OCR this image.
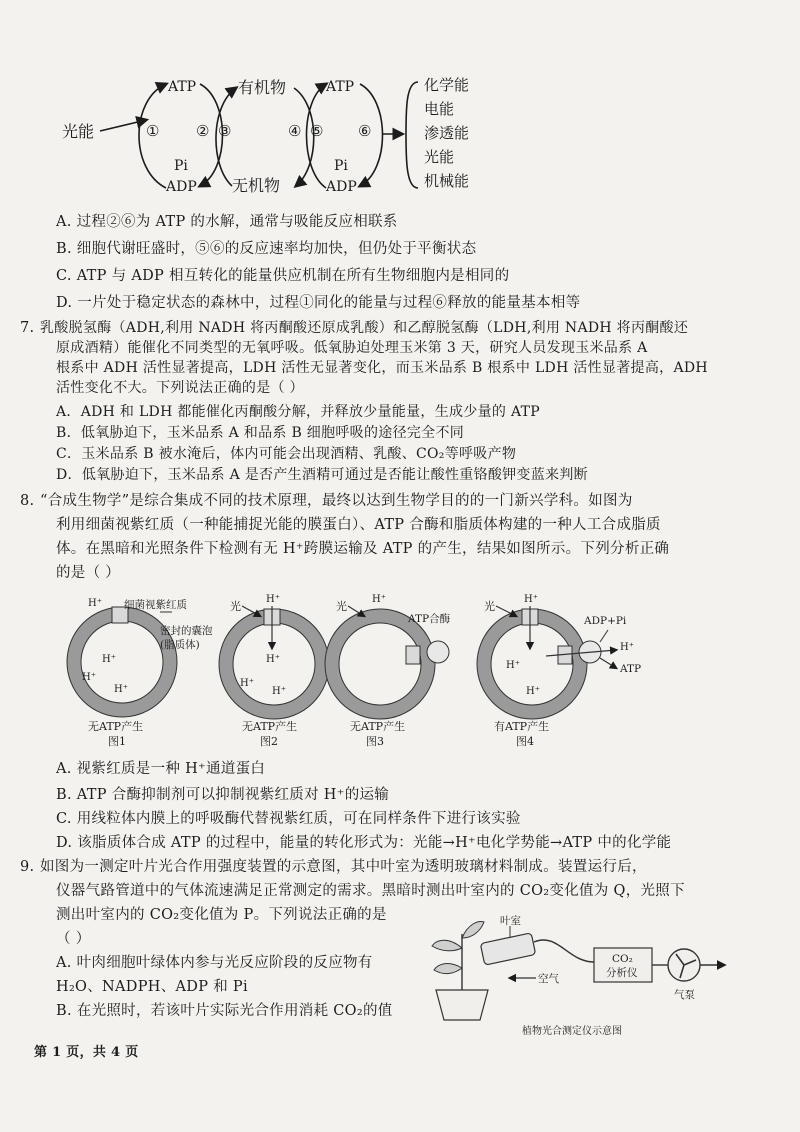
光能
ATP
Pi
ADP
有机物
无机物
ATP
Pi
ADP
① ② ③	④ ⑤ ⑥
化学能
电能
渗透能
光能
机械能
A. 过程②⑥为 ATP 的水解，通常与吸能反应相联系
B. 细胞代谢旺盛时，⑤⑥的反应速率均加快，但仍处于平衡状态
C. ATP 与 ADP 相互转化的能量供应机制在所有生物细胞内是相同的
D. 一片处于稳定状态的森林中，过程①同化的能量与过程⑥释放的能量基本相等
7. 乳酸脱氢酶（ADH,利用 NADH 将丙酮酸还原成乳酸）和乙醇脱氢酶（LDH,利用 NADH 将丙酮酸还
原成酒精）能催化不同类型的无氧呼吸。低氧胁迫处理玉米第 3 天，研究人员发现玉米品系 A
根系中 ADH 活性显著提高，LDH 活性无显著变化，而玉米品系 B 根系中 LDH 活性显著提高，ADH
活性变化不大。下列说法正确的是（ ）
A．ADH 和 LDH 都能催化丙酮酸分解，并释放少量能量，生成少量的 ATP
B．低氧胁迫下，玉米品系 A 和品系 B 细胞呼吸的途径完全不同
C．玉米品系 B 被水淹后，体内可能会出现酒精、乳酸、CO₂等呼吸产物
D．低氧胁迫下，玉米品系 A 是否产生酒精可通过是否能让酸性重铬酸钾变蓝来判断
8. “合成生物学”是综合集成不同的技术原理，最终以达到生物学目的的一门新兴学科。如图为
利用细菌视紫红质（一种能捕捉光能的膜蛋白）、ATP 合酶和脂质体构建的一种人工合成脂质
体。在黑暗和光照条件下检测有无 H⁺跨膜运输及 ATP 的产生，结果如图所示。下列分析正确
的是（ ）
H⁺ 细菌视紫红质
密封的囊泡
(脂质体)
H⁺
H⁺
H⁺
无ATP产生
图1
光
H⁺
H⁺
H⁺
H⁺
无ATP产生
图2
光
H⁺
ATP合酶
无ATP产生
图3
光
H⁺
ADP+Pi
H⁺
ATP
H⁺
H⁺
有ATP产生
图4
A. 视紫红质是一种 H⁺通道蛋白
B. ATP 合酶抑制剂可以抑制视紫红质对 H⁺的运输
C. 用线粒体内膜上的呼吸酶代替视紫红质，可在同样条件下进行该实验
D. 该脂质体合成 ATP 的过程中，能量的转化形式为：光能→H⁺电化学势能→ATP 中的化学能
9. 如图为一测定叶片光合作用强度装置的示意图，其中叶室为透明玻璃材料制成。装置运行后，
仪器气路管道中的气体流速满足正常测定的需求。黑暗时测出叶室内的 CO₂变化值为 Q，光照下
测出叶室内的 CO₂变化值为 P。下列说法正确的是
（ ）
A. 叶肉细胞叶绿体内参与光反应阶段的反应物有
H₂O、NADPH、ADP 和 Pi
B. 在光照时，若该叶片实际光合作用消耗 CO₂的值
叶室
CO₂
分析仪
气泵
空气
植物光合测定仪示意图
第 1 页，共 4 页
